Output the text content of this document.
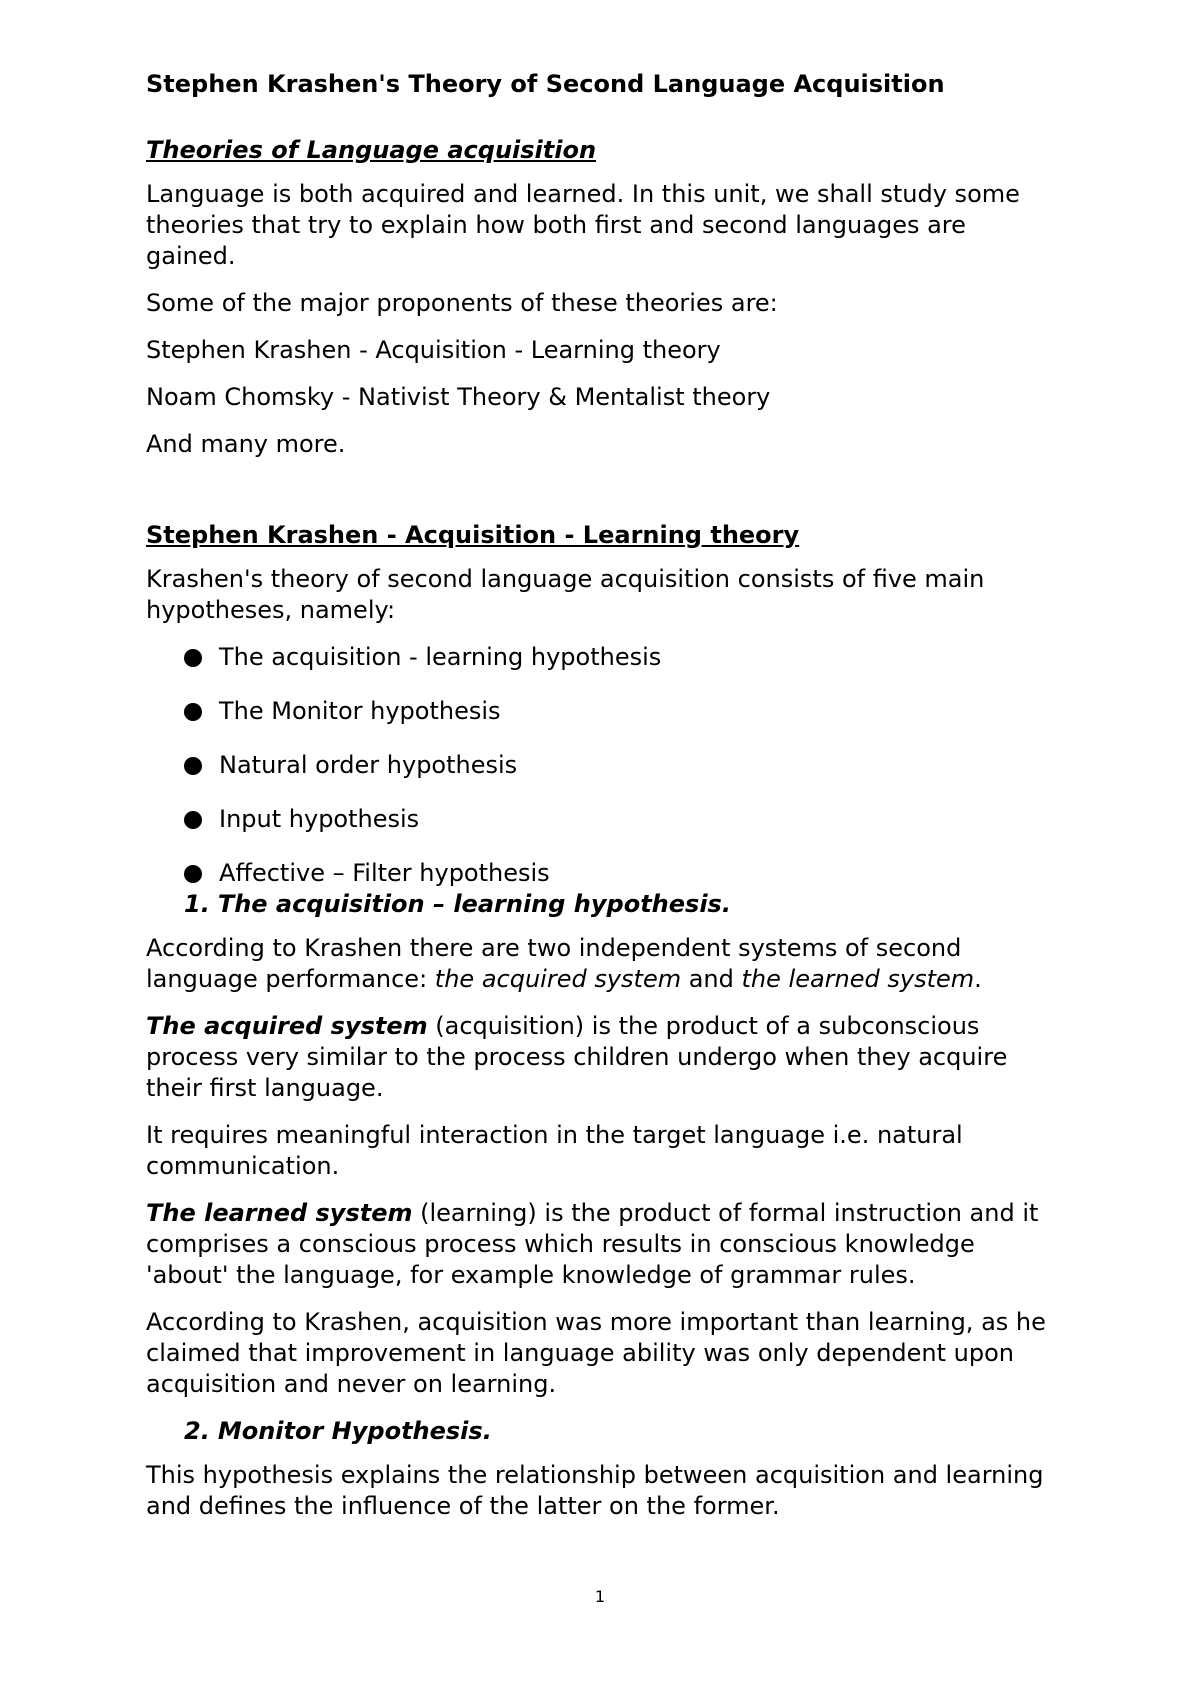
Stephen Krashen's Theory of Second Language Acquisition

Theories of Language acquisition

Language is both acquired and learned. In this unit, we shall study some theories that try to explain how both first and second languages are gained.

Some of the major proponents of these theories are:

Stephen Krashen - Acquisition - Learning theory

Noam Chomsky - Nativist Theory & Mentalist theory

And many more.

Stephen Krashen - Acquisition - Learning theory

Krashen's theory of second language acquisition consists of five main hypotheses, namely:

The acquisition - learning hypothesis
The Monitor hypothesis
Natural order hypothesis
Input hypothesis
Affective – Filter hypothesis

1. The acquisition – learning hypothesis.

According to Krashen there are two independent systems of second language performance: the acquired system and the learned system.

The acquired system (acquisition) is the product of a subconscious process very similar to the process children undergo when they acquire their first language.

It requires meaningful interaction in the target language i.e. natural communication.

The learned system (learning) is the product of formal instruction and it comprises a conscious process which results in conscious knowledge 'about' the language, for example knowledge of grammar rules.

According to Krashen, acquisition was more important than learning, as he claimed that improvement in language ability was only dependent upon acquisition and never on learning.

2. Monitor Hypothesis.

This hypothesis explains the relationship between acquisition and learning and defines the influence of the latter on the former.

1
